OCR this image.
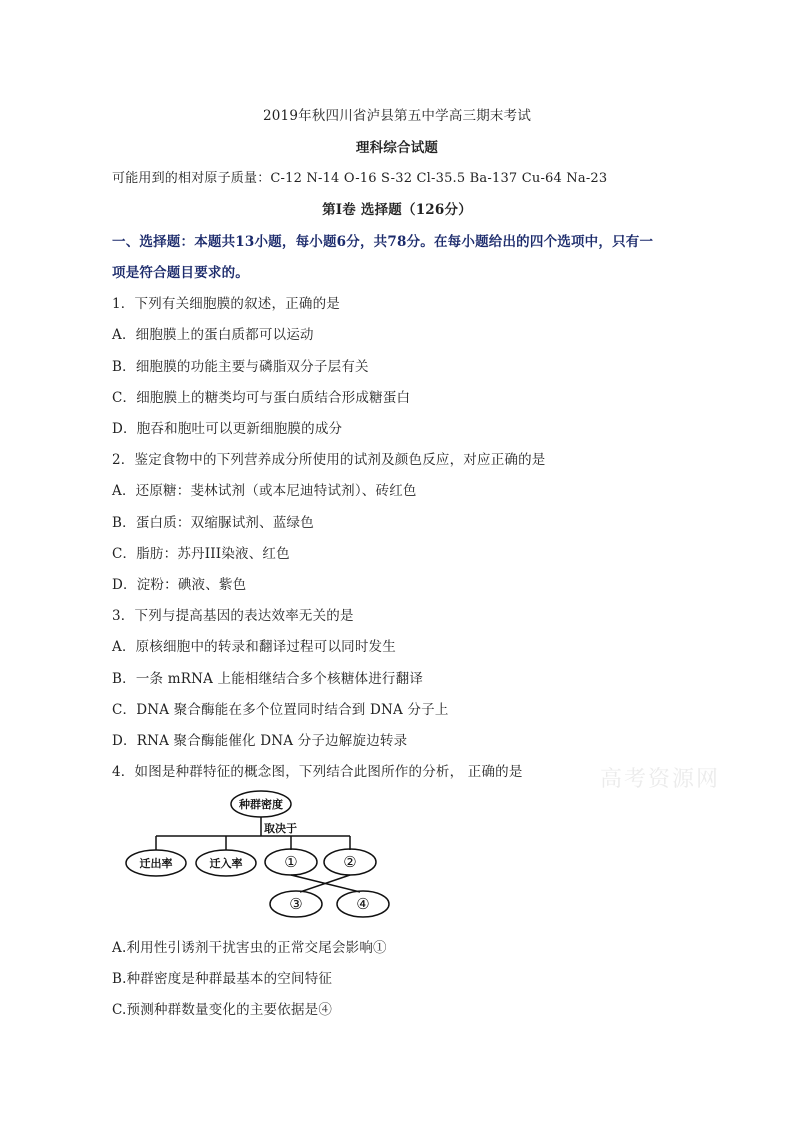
2019年秋四川省泸县第五中学高三期末考试
理科综合试题
可能用到的相对原子质量：C-12 N-14 O-16 S-32 Cl-35.5 Ba-137 Cu-64 Na-23
第I卷 选择题（126分）
一、选择题：本题共13小题，每小题6分，共78分。在每小题给出的四个选项中，只有一
项是符合题目要求的。
1．下列有关细胞膜的叙述，正确的是
A．细胞膜上的蛋白质都可以运动
B．细胞膜的功能主要与磷脂双分子层有关
C．细胞膜上的糖类均可与蛋白质结合形成糖蛋白
D．胞吞和胞吐可以更新细胞膜的成分
2．鉴定食物中的下列营养成分所使用的试剂及颜色反应，对应正确的是
A．还原糖：斐林试剂（或本尼迪特试剂）、砖红色
B．蛋白质：双缩脲试剂、蓝绿色
C．脂肪：苏丹III染液、红色
D．淀粉：碘液、紫色
3．下列与提高基因的表达效率无关的是
A．原核细胞中的转录和翻译过程可以同时发生
B．一条 mRNA 上能相继结合多个核糖体进行翻译
C．DNA 聚合酶能在多个位置同时结合到 DNA 分子上
D．RNA 聚合酶能催化 DNA 分子边解旋边转录
4．如图是种群特征的概念图，下列结合此图所作的分析， 正确的是	高考资源网
种群密度
取决于
迁出率	迁入率	①	②
③	④
A.利用性引诱剂干扰害虫的正常交尾会影响①
B.种群密度是种群最基本的空间特征
C.预测种群数量变化的主要依据是④
